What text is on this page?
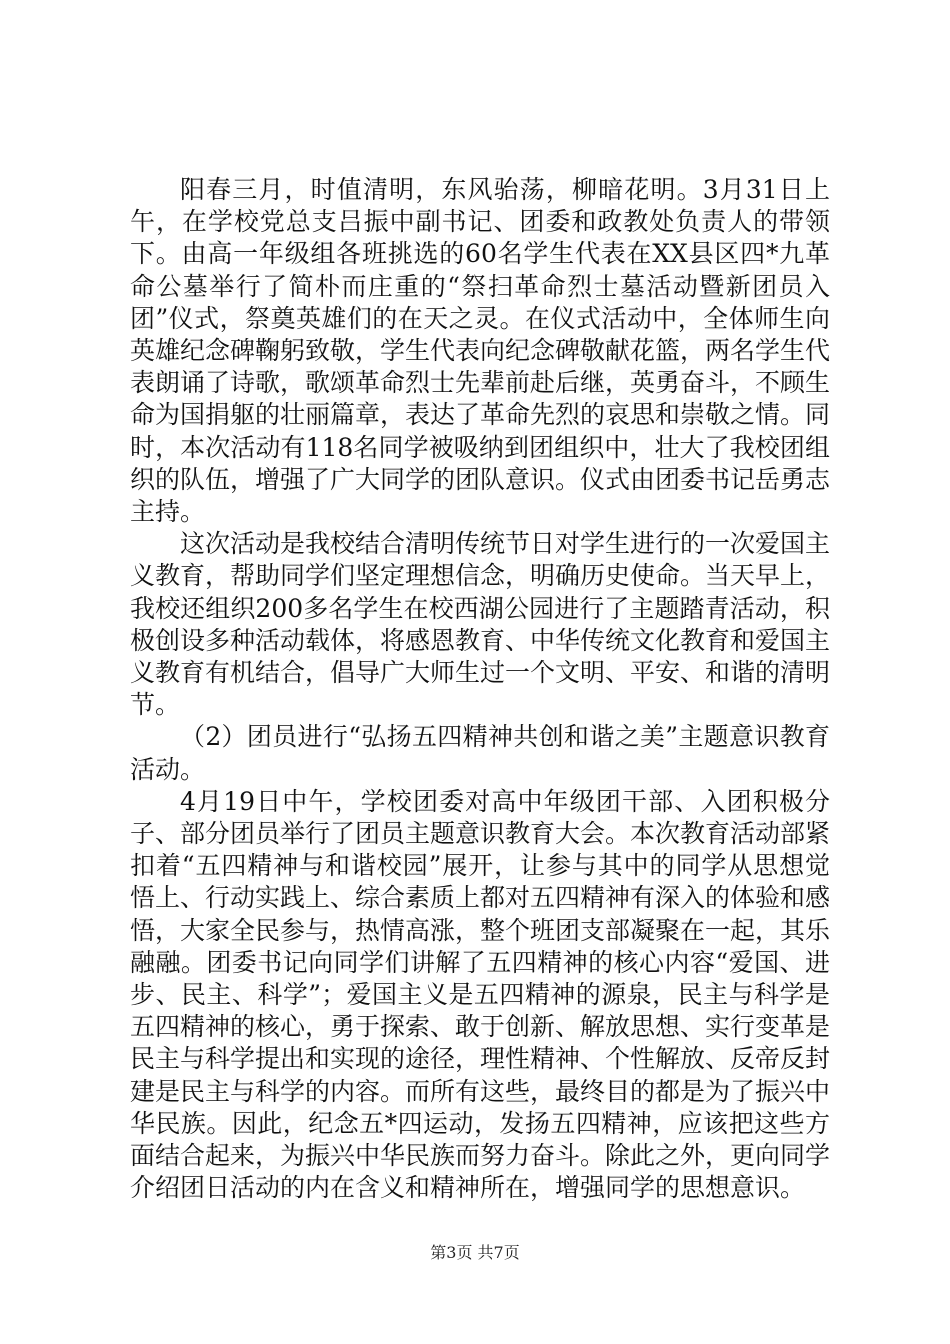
阳春三月，时值清明，东风骀荡，柳暗花明。3月31日上午，在学校党总支吕振中副书记、团委和政教处负责人的带领下。由高一年级组各班挑选的60名学生代表在XX县区四*九革命公墓举行了简朴而庄重的“祭扫革命烈士墓活动暨新团员入团”仪式，祭奠英雄们的在天之灵。在仪式活动中，全体师生向英雄纪念碑鞠躬致敬，学生代表向纪念碑敬献花篮，两名学生代表朗诵了诗歌，歌颂革命烈士先辈前赴后继，英勇奋斗，不顾生命为国捐躯的壮丽篇章，表达了革命先烈的哀思和崇敬之情。同时，本次活动有118名同学被吸纳到团组织中，壮大了我校团组织的队伍，增强了广大同学的团队意识。仪式由团委书记岳勇志主持。

这次活动是我校结合清明传统节日对学生进行的一次爱国主义教育，帮助同学们坚定理想信念，明确历史使命。当天早上，我校还组织200多名学生在校西湖公园进行了主题踏青活动，积极创设多种活动载体，将感恩教育、中华传统文化教育和爱国主义教育有机结合，倡导广大师生过一个文明、平安、和谐的清明节。

（2）团员进行“弘扬五四精神共创和谐之美”主题意识教育活动。

4月19日中午，学校团委对高中年级团干部、入团积极分子、部分团员举行了团员主题意识教育大会。本次教育活动部紧扣着“五四精神与和谐校园”展开，让参与其中的同学从思想觉悟上、行动实践上、综合素质上都对五四精神有深入的体验和感悟，大家全民参与，热情高涨，整个班团支部凝聚在一起，其乐融融。团委书记向同学们讲解了五四精神的核心内容“爱国、进步、民主、科学”；爱国主义是五四精神的源泉，民主与科学是五四精神的核心，勇于探索、敢于创新、解放思想、实行变革是民主与科学提出和实现的途径，理性精神、个性解放、反帝反封建是民主与科学的内容。而所有这些，最终目的都是为了振兴中华民族。因此，纪念五*四运动，发扬五四精神，应该把这些方面结合起来，为振兴中华民族而努力奋斗。除此之外，更向同学介绍团日活动的内在含义和精神所在，增强同学的思想意识。

第3页 共7页
